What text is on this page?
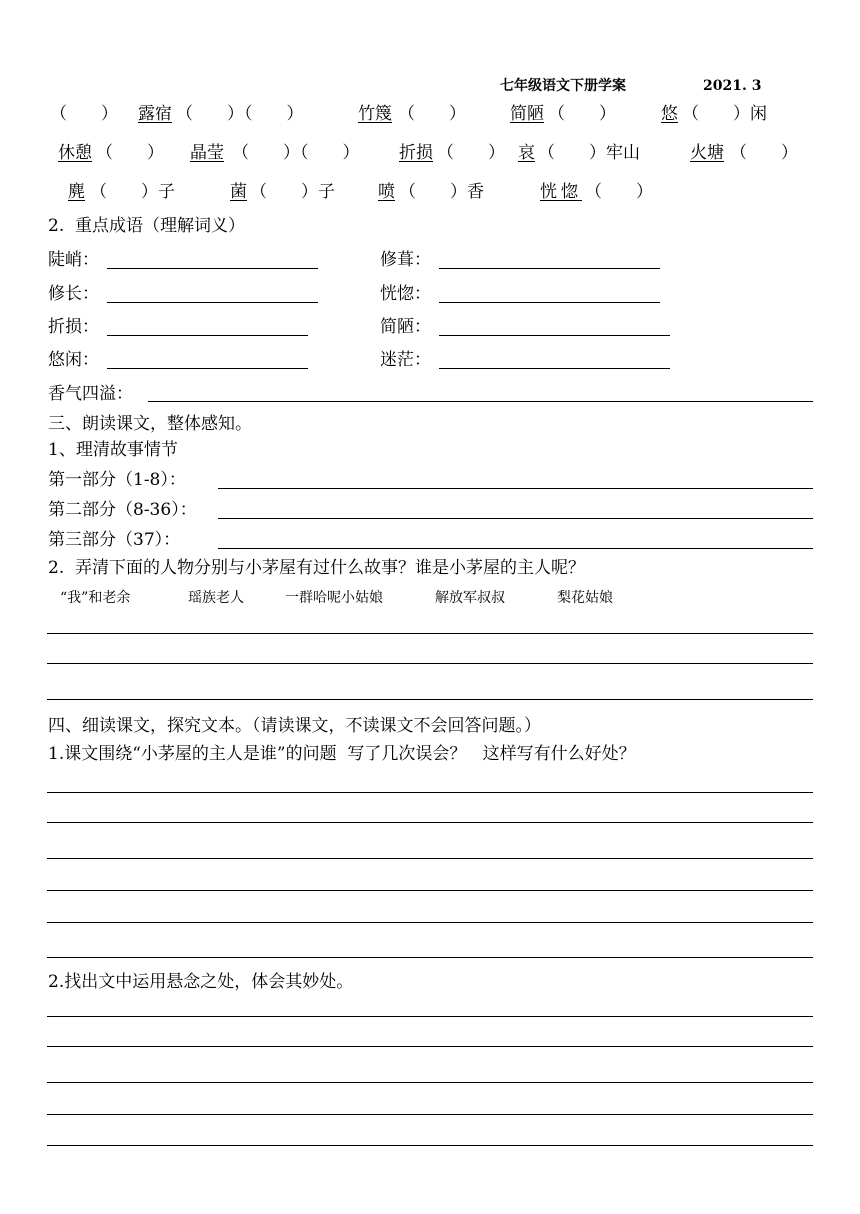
七年级语文下册学案	2021. 3
（　　） 露宿 （　　）（　　）	竹篾 （　　）	简陋 （　　）	悠 （　　）闲
休憩 （　　） 晶莹 （　　）（　　） 折损 （　　） 哀 （　　）牢山	火塘 （　　）
麂 （　　）子	菌 （　　）子	喷 （　　）香	恍惚 （　　）
2.  重点成语（理解词义）
陡峭：	修葺：
修长：	恍惚：
折损：	简陋：
悠闲：	迷茫：
香气四溢：
三、朗读课文，整体感知。
1、理清故事情节
第一部分（1-8）：
第二部分（8-36）：
第三部分（37）：
2.  弄清下面的人物分别与小茅屋有过什么故事？谁是小茅屋的主人呢？
“我”和老余	瑶族老人	一群哈呢小姑娘	解放军叔叔	梨花姑娘
四、细读课文，探究文本。（请读课文，不读课文不会回答问题。）
1.课文围绕“小茅屋的主人是谁”的问题  写了几次误会？   这样写有什么好处？
2.找出文中运用悬念之处，体会其妙处。
